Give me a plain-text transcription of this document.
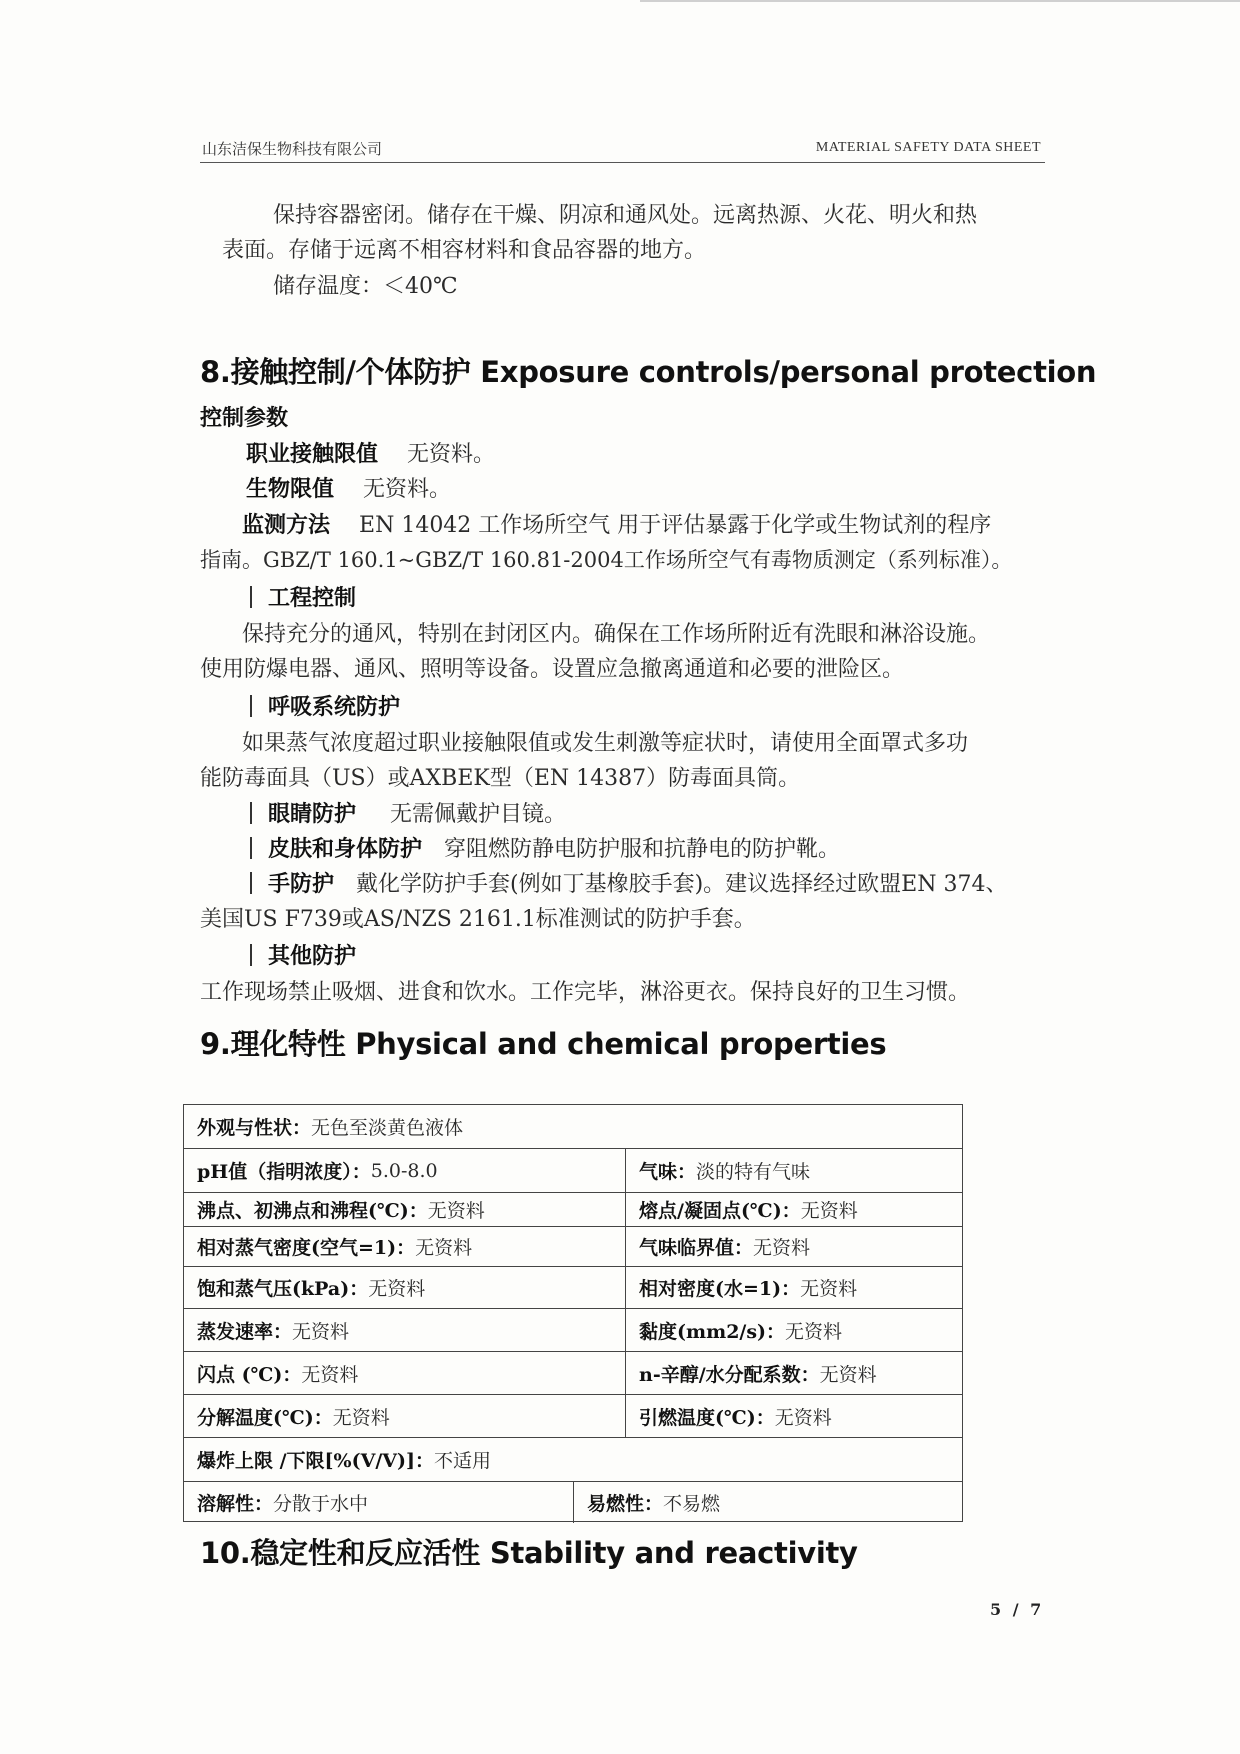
山东洁保生物科技有限公司	MATERIAL SAFETY DATA SHEET
保持容器密闭。储存在干燥、阴凉和通风处。远离热源、火花、明火和热
表面。存储于远离不相容材料和食品容器的地方。
储存温度：＜40℃
8.接触控制/个体防护 Exposure controls/personal protection
控制参数
职业接触限值 无资料。
生物限值 无资料。
监测方法 EN 14042 工作场所空气 用于评估暴露于化学或生物试剂的程序
指南。GBZ/T 160.1~GBZ/T 160.81-2004工作场所空气有毒物质测定（系列标准）。
工程控制
保持充分的通风，特别在封闭区内。确保在工作场所附近有洗眼和淋浴设施。
使用防爆电器、通风、照明等设备。设置应急撤离通道和必要的泄险区。
呼吸系统防护
如果蒸气浓度超过职业接触限值或发生刺激等症状时，请使用全面罩式多功
能防毒面具（US）或AXBEK型（EN 14387）防毒面具筒。
眼睛防护 无需佩戴护目镜。
皮肤和身体防护 穿阻燃防静电防护服和抗静电的防护靴。
手防护 戴化学防护手套(例如丁基橡胶手套)。建议选择经过欧盟EN 374、
美国US F739或AS/NZS 2161.1标准测试的防护手套。
其他防护
工作现场禁止吸烟、进食和饮水。工作完毕，淋浴更衣。保持良好的卫生习惯。
9.理化特性 Physical and chemical properties
外观与性状： 无色至淡黄色液体
pH值（指明浓度）： 5.0-8.0	气味： 淡的特有气味
沸点、初沸点和沸程(℃)： 无资料	熔点/凝固点(℃)： 无资料
相对蒸气密度(空气=1)： 无资料	气味临界值： 无资料
饱和蒸气压(kPa)： 无资料	相对密度(水=1)： 无资料
蒸发速率： 无资料	黏度(mm2/s)： 无资料
闪点 (℃)： 无资料	n-辛醇/水分配系数： 无资料
分解温度(℃)： 无资料	引燃温度(℃)： 无资料
爆炸上限 /下限[%(V/V)]： 不适用
溶解性： 分散于水中	易燃性： 不易燃
10.稳定性和反应活性 Stability and reactivity
5 / 7
